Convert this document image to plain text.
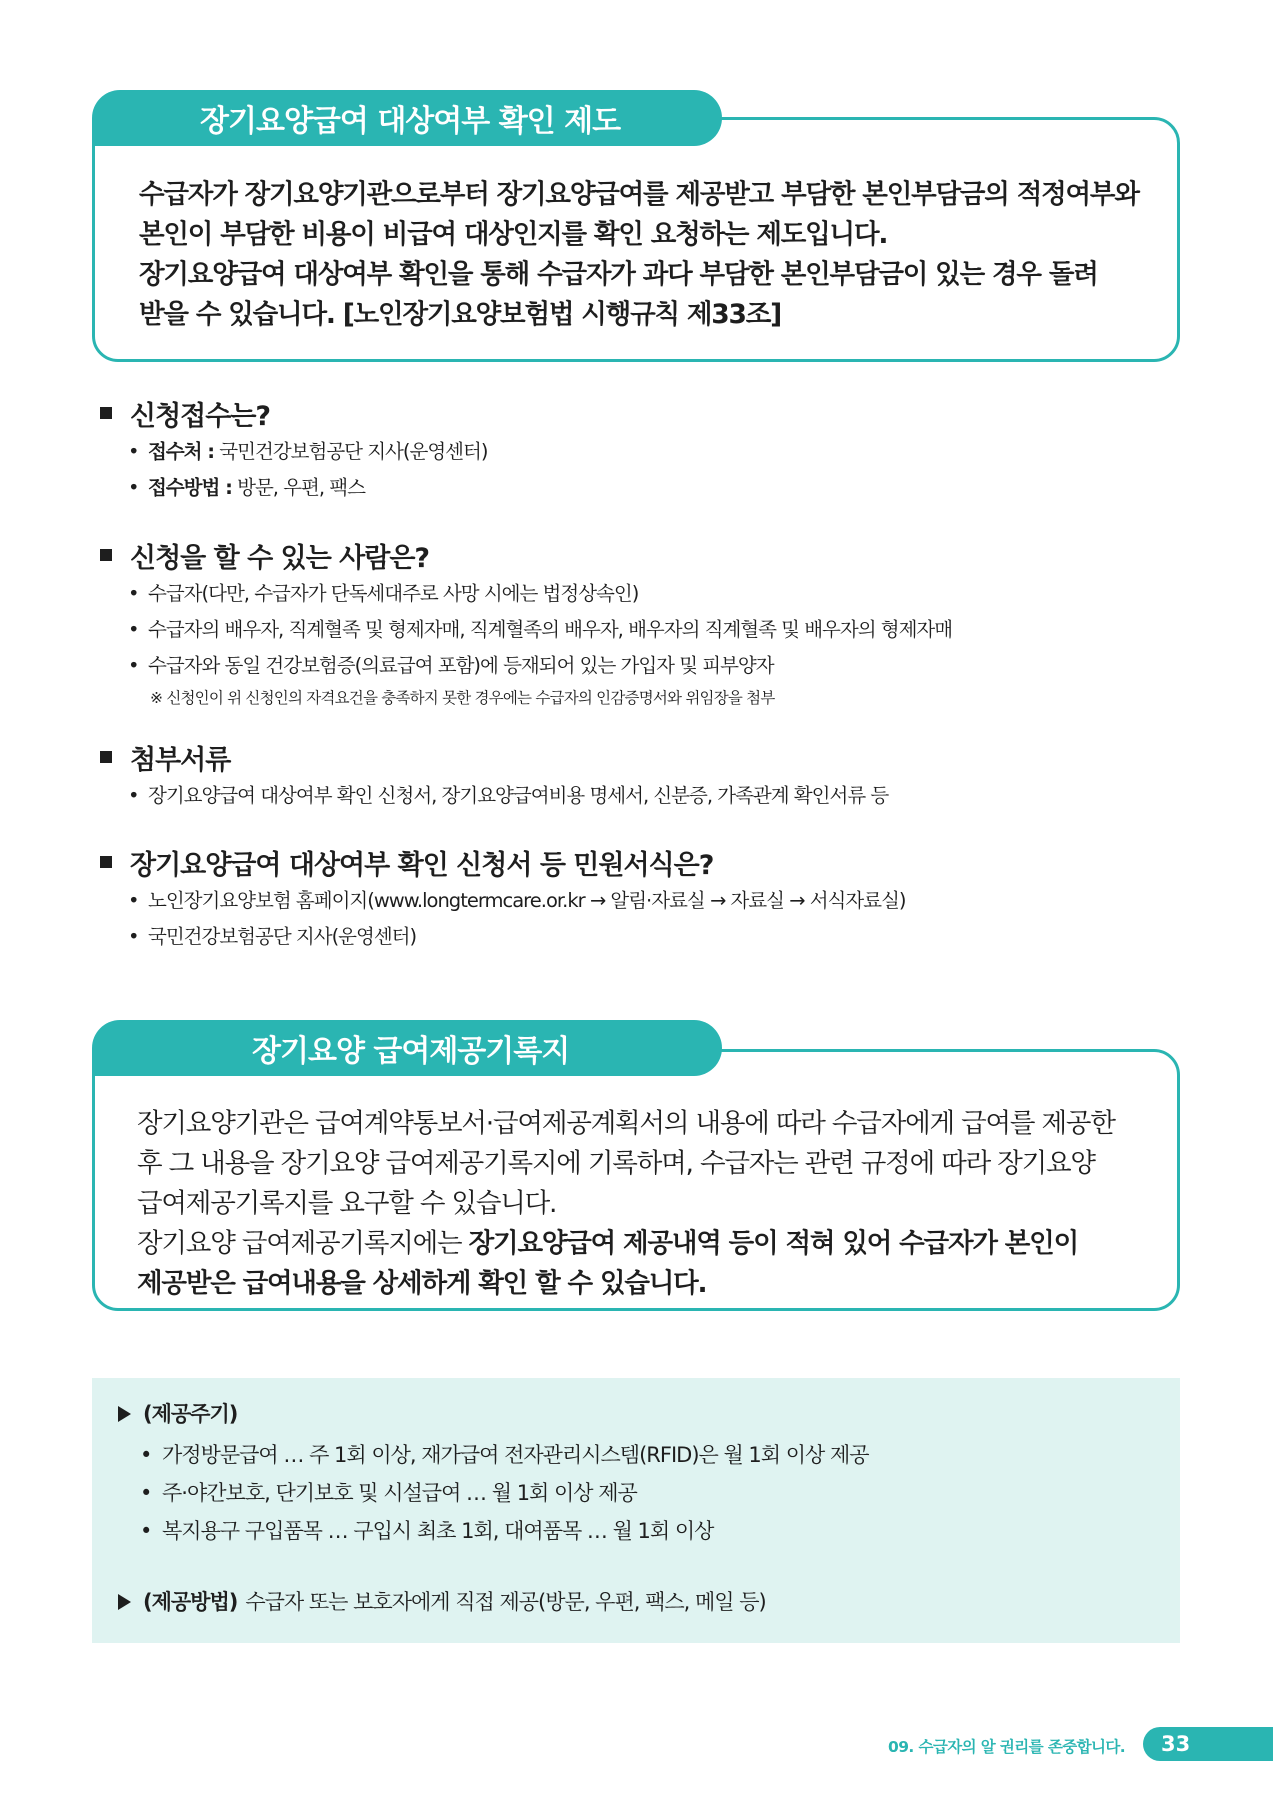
수급자가 장기요양기관으로부터 장기요양급여를 제공받고 부담한 본인부담금의 적정여부와

본인이 부담한 비용이 비급여 대상인지를 확인 요청하는 제도입니다.

장기요양급여 대상여부 확인을 통해 수급자가 과다 부담한 본인부담금이 있는 경우 돌려

받을 수 있습니다. [노인장기요양보험법 시행규칙 제33조]

장기요양급여 대상여부 확인 제도
신청접수는?
• 접수처 : 국민건강보험공단 지사(운영센터)
• 접수방법 : 방문, 우편, 팩스
신청을 할 수 있는 사람은?
• 수급자(다만, 수급자가 단독세대주로 사망 시에는 법정상속인)
• 수급자의 배우자, 직계혈족 및 형제자매, 직계혈족의 배우자, 배우자의 직계혈족 및 배우자의 형제자매
• 수급자와 동일 건강보험증(의료급여 포함)에 등재되어 있는 가입자 및 피부양자
※ 신청인이 위 신청인의 자격요건을 충족하지 못한 경우에는 수급자의 인감증명서와 위임장을 첨부
첨부서류
• 장기요양급여 대상여부 확인 신청서, 장기요양급여비용 명세서, 신분증, 가족관계 확인서류 등
장기요양급여 대상여부 확인 신청서 등 민원서식은?
• 노인장기요양보험 홈페이지(www.longtermcare.or.kr → 알림·자료실 → 자료실 → 서식자료실)
• 국민건강보험공단 지사(운영센터)

장기요양기관은 급여계약통보서·급여제공계획서의 내용에 따라 수급자에게 급여를 제공한

후 그 내용을 장기요양 급여제공기록지에 기록하며, 수급자는 관련 규정에 따라 장기요양

급여제공기록지를 요구할 수 있습니다.

장기요양 급여제공기록지에는 장기요양급여 제공내역 등이 적혀 있어 수급자가 본인이

제공받은 급여내용을 상세하게 확인 할 수 있습니다.

장기요양 급여제공기록지
(제공주기)
• 가정방문급여 … 주 1회 이상, 재가급여 전자관리시스템(RFID)은 월 1회 이상 제공
• 주·야간보호, 단기보호 및 시설급여 … 월 1회 이상 제공
• 복지용구 구입품목 … 구입시 최초 1회, 대여품목 … 월 1회 이상
(제공방법) 수급자 또는 보호자에게 직접 제공(방문, 우편, 팩스, 메일 등)
09. 수급자의 알 권리를 존중합니다.	33
